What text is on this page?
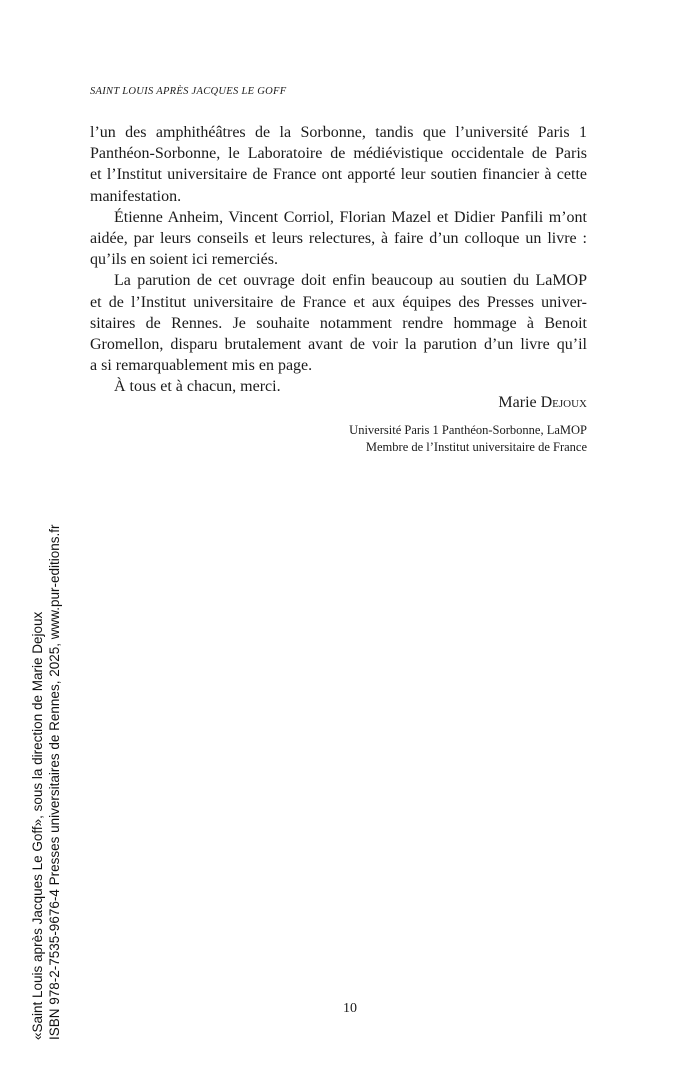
SAINT LOUIS APRÈS JACQUES LE GOFF

l’un des amphithéâtres de la Sorbonne, tandis que l’université Paris 1
Panthéon-Sorbonne, le Laboratoire de médiévistique occidentale de Paris
et l’Institut universitaire de France ont apporté leur soutien financier à cette
manifestation.

Étienne Anheim, Vincent Corriol, Florian Mazel et Didier Panfili m’ont
aidée, par leurs conseils et leurs relectures, à faire d’un colloque un livre :
qu’ils en soient ici remerciés.

La parution de cet ouvrage doit enfin beaucoup au soutien du LaMOP
et de l’Institut universitaire de France et aux équipes des Presses univer-
sitaires de Rennes. Je souhaite notamment rendre hommage à Benoit
Gromellon, disparu brutalement avant de voir la parution d’un livre qu’il
a si remarquablement mis en page.

À tous et à chacun, merci.

Marie Dejoux
Université Paris 1 Panthéon-Sorbonne, LaMOP
Membre de l’Institut universitaire de France
«Saint Louis après Jacques Le Goff», sous la direction de Marie Dejoux ISBN 978-2-7535-9676-4 Presses universitaires de Rennes, 2025, www.pur-editions.fr	10
